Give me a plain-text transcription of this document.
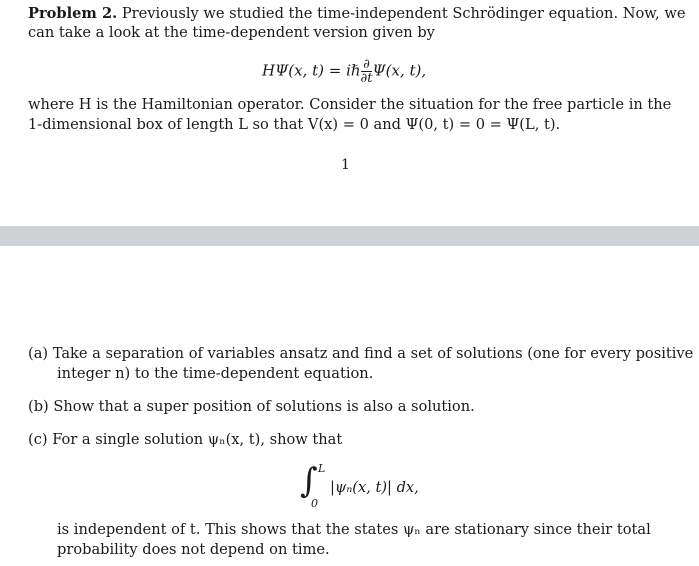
Problem 2. Previously we studied the time-independent Schrödinger equation. Now, we
can take a look at the time-dependent version given by
HΨ(x, t) = iℏ $\frac{\partial}{\partial t} \Psi(x$, t),
where H is the Hamiltonian operator. Consider the situation for the free particle in the
1-dimensional box of length L so that V(x) = 0 and Ψ(0, t) = 0 = Ψ(L, t).
1
(a) Take a separation of variables ansatz and find a set of solutions (one for every positive
integer n) to the time-dependent equation.
(b) Show that a super position of solutions is also a solution.
(c) For a single solution ψₙ(x, t), show that
∫ L
0
|ψₙ(x, t)| dx,
is independent of t. This shows that the states ψₙ are stationary since their total
probability does not depend on time.
